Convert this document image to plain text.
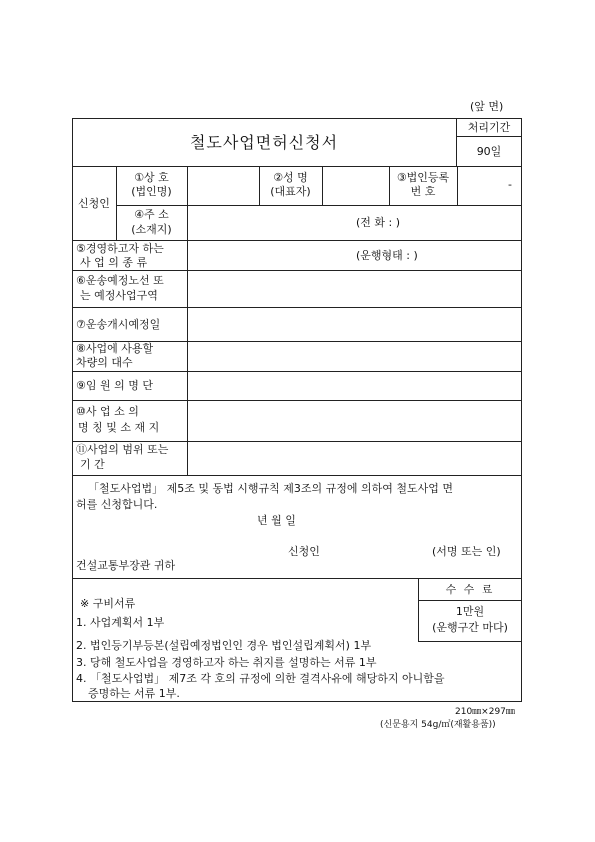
(앞 면)
철도사업면허신청서
처리기간
90일
신청인
①상 호
(법인명)
②성 명
(대표자)
③법인등록
번 호
-
④주 소
(소재지)
(전 화 : )
⑤경영하고자 하는
사 업 의 종 류
(운행형태 : )
⑥운송예정노선 또
는 예정사업구역
⑦운송개시예정일
⑧사업에 사용할
차량의 대수
⑨임 원 의 명 단
⑩사 업 소 의
명 칭 및 소 재 지
⑪사업의 범위 또는
기 간
「철도사업법」 제5조 및 동법 시행규칙 제3조의 규정에 의하여 철도사업 면
허를 신청합니다.
년 월 일
신청인	(서명 또는 인)
건설교통부장관 귀하
수 수 료
1만원
(운행구간 마다)
※ 구비서류
1. 사업계획서 1부
2. 법인등기부등본(설립예정법인인 경우 법인설립계획서) 1부
3. 당해 철도사업을 경영하고자 하는 취지를 설명하는 서류 1부
4. 「철도사업법」 제7조 각 호의 규정에 의한 결격사유에 해당하지 아니함을
증명하는 서류 1부.
210㎜×297㎜
(신문용지 54g/㎡(재활용품))
